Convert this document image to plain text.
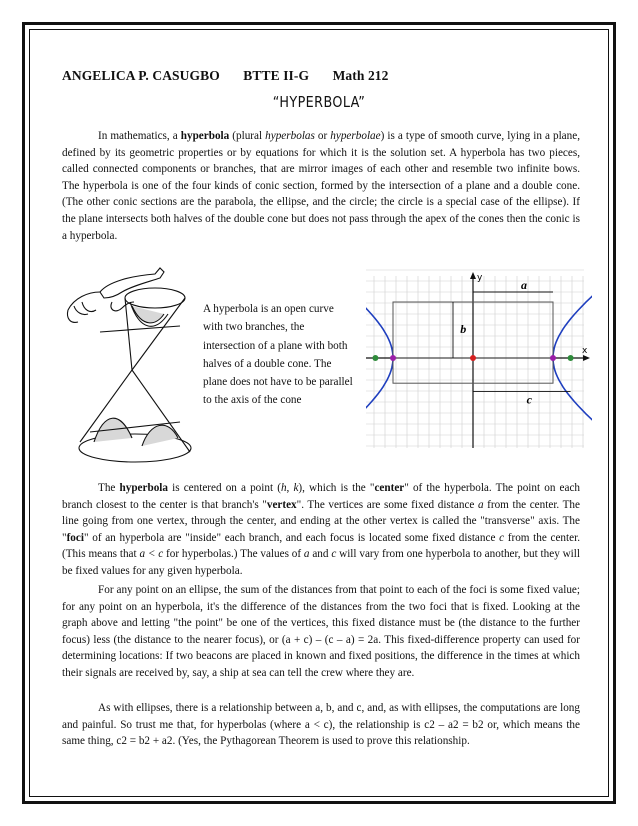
ANGELICA P. CASUGBO BTTE II-G Math 212
“HYPERBOLA”

In mathematics, a hyperbola (plural hyperbolas or hyperbolae) is a type of smooth curve, lying in a plane, defined by its geometric properties or by equations for which it is the solution set. A hyperbola has two pieces, called connected components or branches, that are mirror images of each other and resemble two infinite bows. The hyperbola is one of the four kinds of conic section, formed by the intersection of a plane and a double cone. (The other conic sections are the parabola, the ellipse, and the circle; the circle is a special case of the ellipse). If the plane intersects both halves of the double cone but does not pass through the apex of the cones then the conic is a hyperbola.

A hyperbola is an open curve with two branches, the intersection of a plane with both halves of a double cone. The plane does not have to be parallel to the axis of the cone

x
y	a
b
c

The hyperbola is centered on a point (h, k), which is the "center" of the hyperbola. The point on each branch closest to the center is that branch's "vertex". The vertices are some fixed distance a from the center. The line going from one vertex, through the center, and ending at the other vertex is called the "transverse" axis. The "foci" of an hyperbola are "inside" each branch, and each focus is located some fixed distance c from the center. (This means that a < c for hyperbolas.) The values of a and c will vary from one hyperbola to another, but they will be fixed values for any given hyperbola.

For any point on an ellipse, the sum of the distances from that point to each of the foci is some fixed value; for any point on an hyperbola, it's the difference of the distances from the two foci that is fixed. Looking at the graph above and letting "the point" be one of the vertices, this fixed distance must be (the distance to the further focus) less (the distance to the nearer focus), or (a + c) – (c – a) = 2a. This fixed-difference property can used for determining locations: If two beacons are placed in known and fixed positions, the difference in the times at which their signals are received by, say, a ship at sea can tell the crew where they are.

As with ellipses, there is a relationship between a, b, and c, and, as with ellipses, the computations are long and painful. So trust me that, for hyperbolas (where a < c), the relationship is c2 – a2 = b2 or, which means the same thing, c2 = b2 + a2. (Yes, the Pythagorean Theorem is used to prove this relationship.
